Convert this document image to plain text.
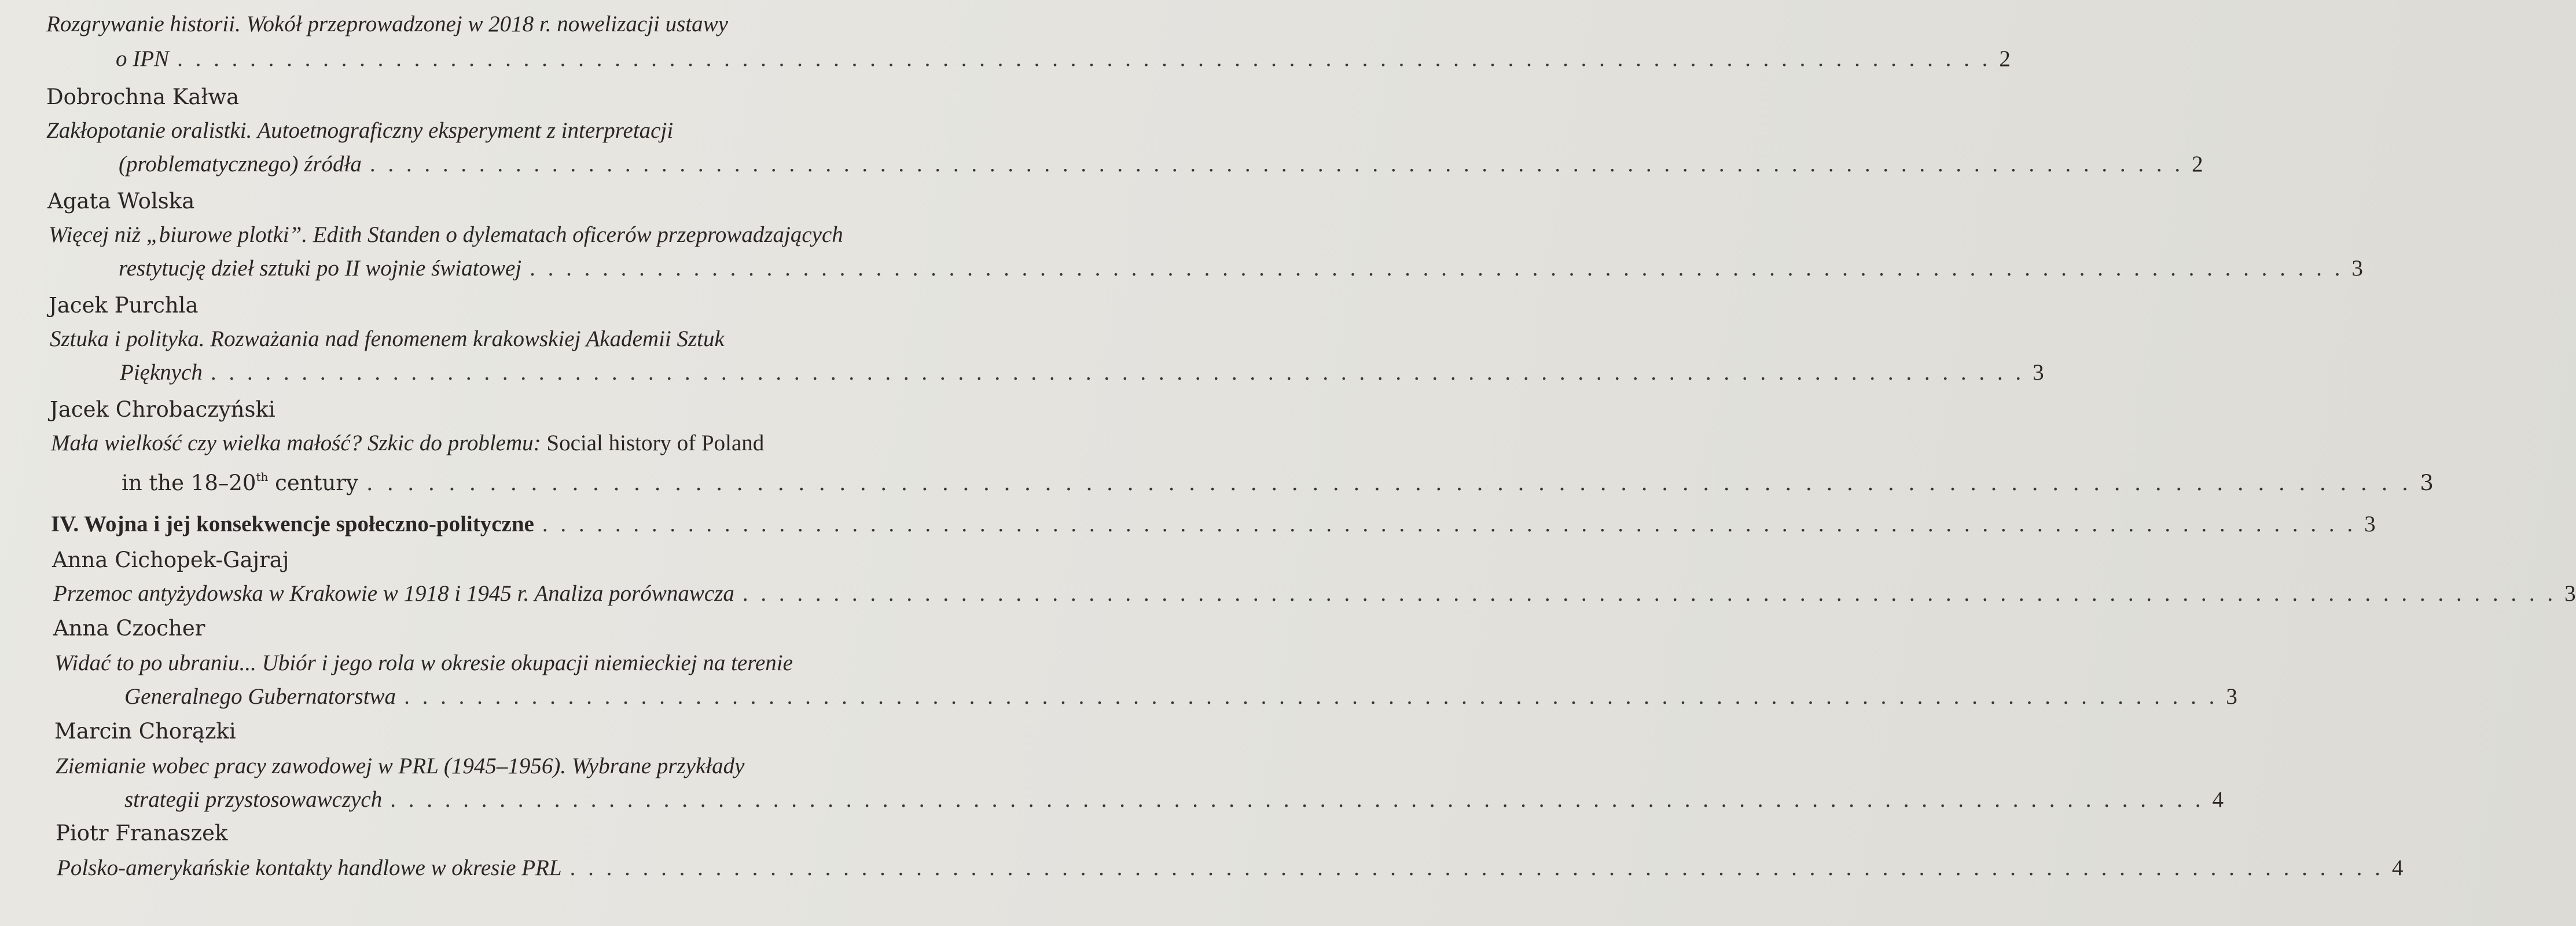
Rozgrywanie historii. Wokół przeprowadzonej w 2018 r. nowelizacji ustawy
o IPN . . .	2
Dobrochna Kałwa
Zakłopotanie oralistki. Autoetnograficzny eksperyment z interpretacji
(problematycznego) źródła . . .	2
Agata Wolska
Więcej niż „biurowe plotki”. Edith Standen o dylematach oficerów przeprowadzających
restytucję dzieł sztuki po II wojnie światowej . . .	3
Jacek Purchla
Sztuka i polityka. Rozważania nad fenomenem krakowskiej Akademii Sztuk
Pięknych . . .	3
Jacek Chrobaczyński
Mała wielkość czy wielka małość? Szkic do problemu: Social history of Poland
in the 18–20th century . . .	3
IV. Wojna i jej konsekwencje społeczno-polityczne . . .	3
Anna Cichopek-Gajraj
Przemoc antyżydowska w Krakowie w 1918 i 1945 r. Analiza porównawcza . . .	3
Anna Czocher
Widać to po ubraniu... Ubiór i jego rola w okresie okupacji niemieckiej na terenie
Generalnego Gubernatorstwa . . .	3
Marcin Chorązki
Ziemianie wobec pracy zawodowej w PRL (1945–1956). Wybrane przykłady
strategii przystosowawczych . . .	4
Piotr Franaszek
Polsko-amerykańskie kontakty handlowe w okresie PRL . . .	4
